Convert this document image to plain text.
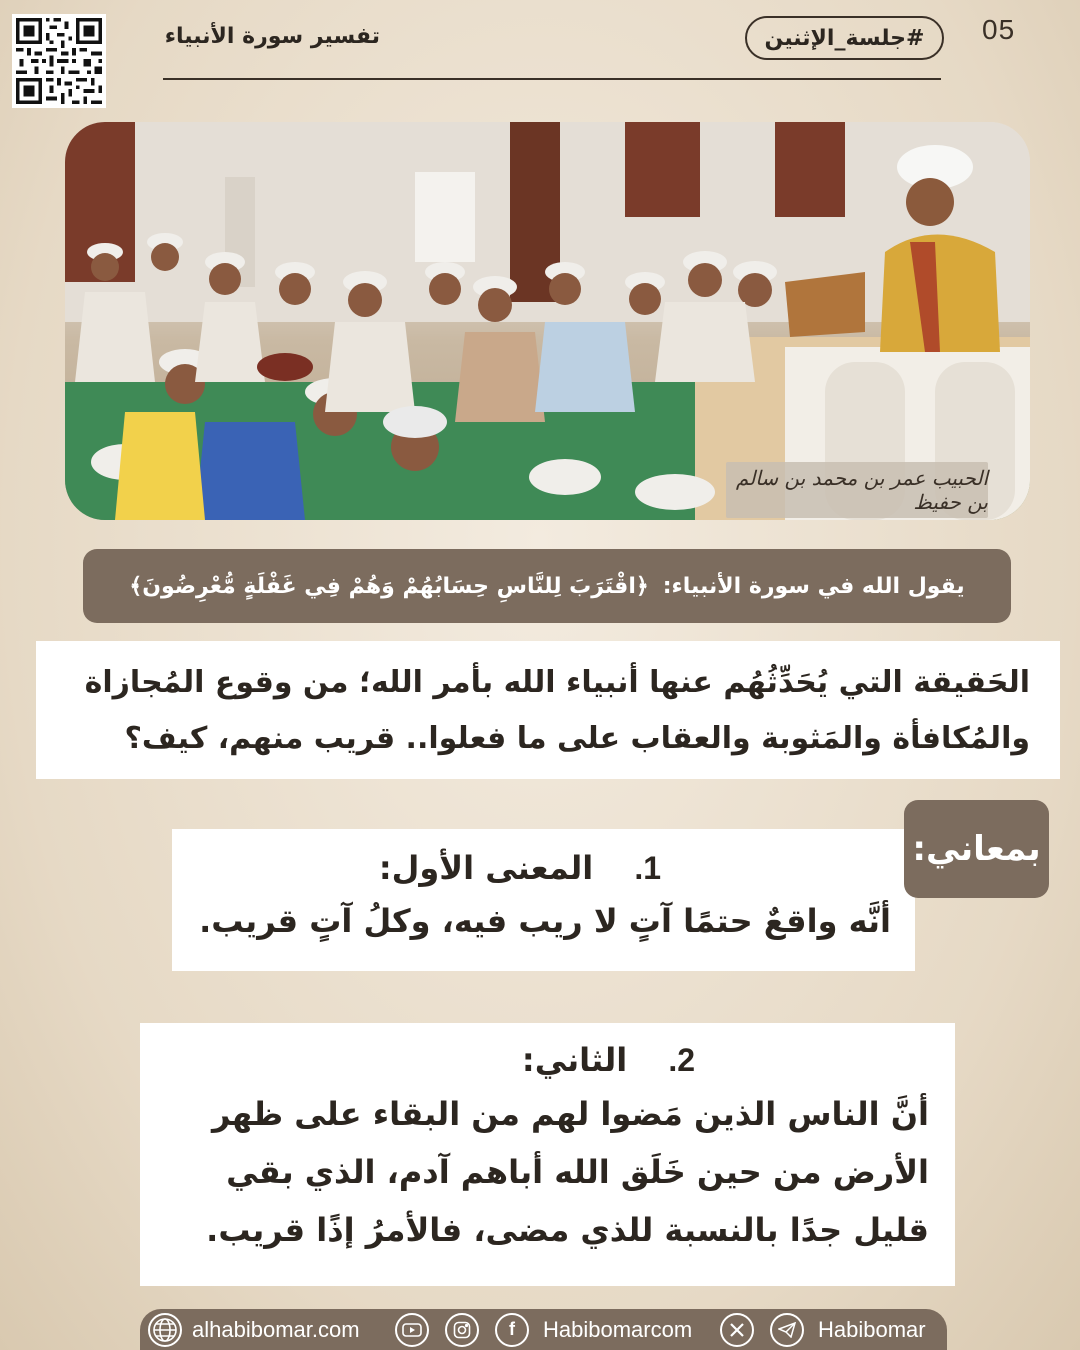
05
#جلسة_الإثنين
تفسير سورة الأنبياء
الحبيب عمر بن محمد بن سالم بن حفيظ
يقول الله في سورة الأنبياء:
﴿اقْتَرَبَ لِلنَّاسِ حِسَابُهُمْ وَهُمْ فِي غَفْلَةٍ مُّعْرِضُونَ﴾
الحَقيقة التي يُحَدِّثُهُم عنها أنبياء الله بأمر الله؛ من وقوع المُجازاة
والمُكافأة والمَثوبة والعقاب على ما فعلوا.. قريب منهم، كيف؟
1. المعنى الأول:
أنَّه واقعٌ حتمًا آتٍ لا ريب فيه، وكلُ آتٍ قريب.
بمعاني:
2. الثاني:
أنَّ الناس الذين مَضوا لهم من البقاء على ظهر
الأرض من حين خَلَق الله أباهم آدم، الذي بقي
قليل جدًا بالنسبة للذي مضى، فالأمرُ إذًا قريب.
alhabibomar.com	f Habibomarcom	Habibomar
